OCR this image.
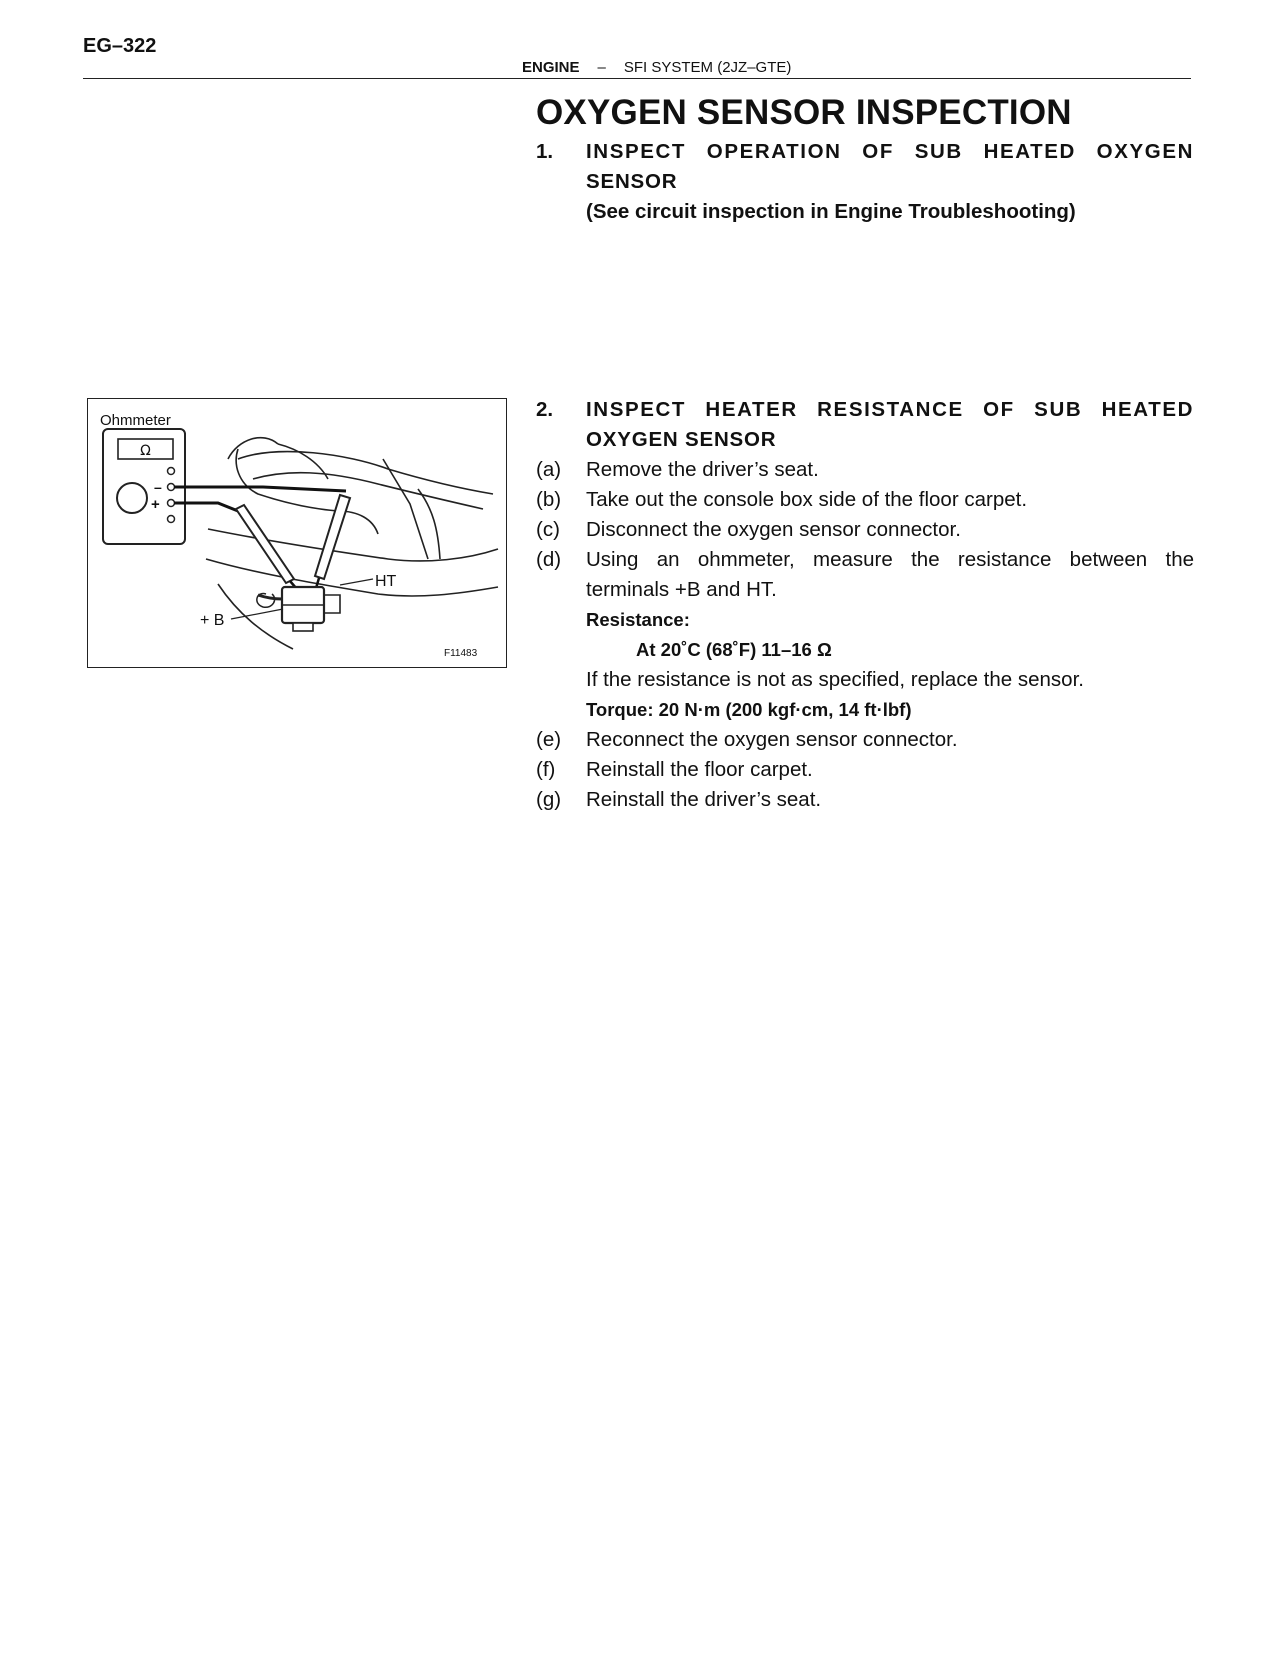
EG–322
ENGINE – SFI SYSTEM (2JZ–GTE)
OXYGEN SENSOR INSPECTION
1.	INSPECT OPERATION OF SUB HEATED OXYGEN
SENSOR
(See circuit inspection in Engine Troubleshooting)
Ω
–
+
Ohmmeter
HT
+ B
F11483
2.	INSPECT HEATER RESISTANCE OF SUB HEATED
OXYGEN SENSOR
(a)	Remove the driver’s seat.
(b)	Take out the console box side of the floor carpet.
(c)	Disconnect the oxygen sensor connector.
(d)	Using an ohmmeter, measure the resistance between the terminals +B and HT.
Resistance:
At 20˚C (68˚F) 11–16 Ω
If the resistance is not as specified, replace the sensor.
Torque: 20 N·m (200 kgf·cm, 14 ft·lbf)
(e)	Reconnect the oxygen sensor connector.
(f)	Reinstall the floor carpet.
(g)	Reinstall the driver’s seat.
